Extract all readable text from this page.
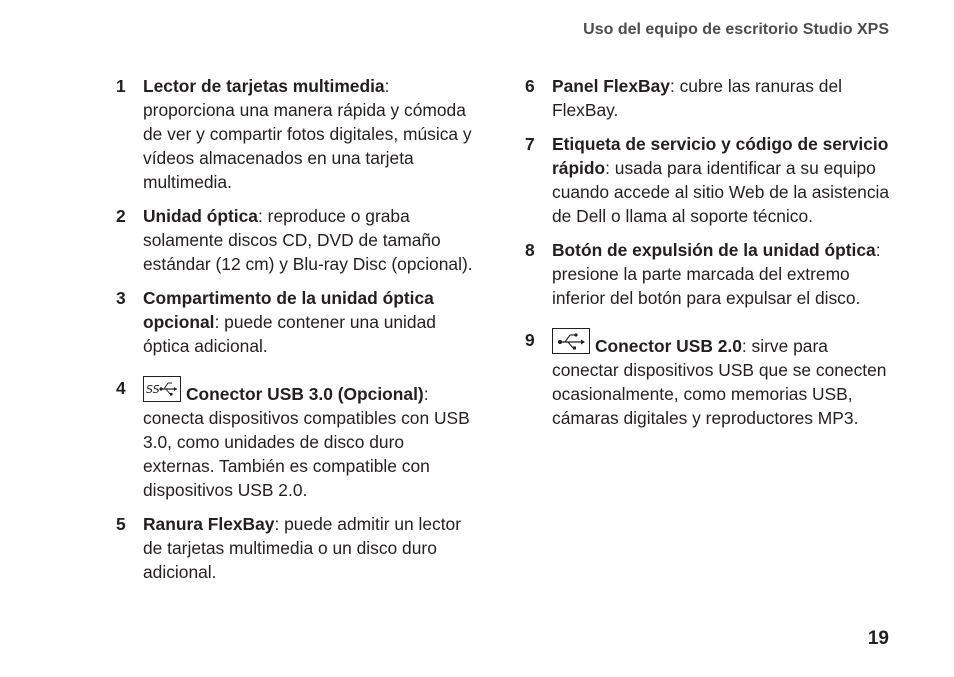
Uso del equipo de escritorio Studio XPS
1 Lector de tarjetas multimedia: proporciona una manera rápida y cómoda de ver y compartir fotos digitales, música y vídeos almacenados en una tarjeta multimedia.
2 Unidad óptica: reproduce o graba solamente discos CD, DVD de tamaño estándar (12 cm) y Blu-ray Disc (opcional).
3 Compartimento de la unidad óptica opcional: puede contener una unidad óptica adicional.
4 SS Conector USB 3.0 (Opcional): conecta dispositivos compatibles con USB 3.0, como unidades de disco duro externas. También es compatible con dispositivos USB 2.0.
5 Ranura FlexBay: puede admitir un lector de tarjetas multimedia o un disco duro adicional.
6 Panel FlexBay: cubre las ranuras del FlexBay.
7 Etiqueta de servicio y código de servicio rápido: usada para identificar a su equipo cuando accede al sitio Web de la asistencia de Dell o llama al soporte técnico.
8 Botón de expulsión de la unidad óptica: presione la parte marcada del extremo inferior del botón para expulsar el disco.
9	Conector USB 2.0: sirve para conectar dispositivos USB que se conecten ocasionalmente, como memorias USB, cámaras digitales y reproductores MP3.
19
